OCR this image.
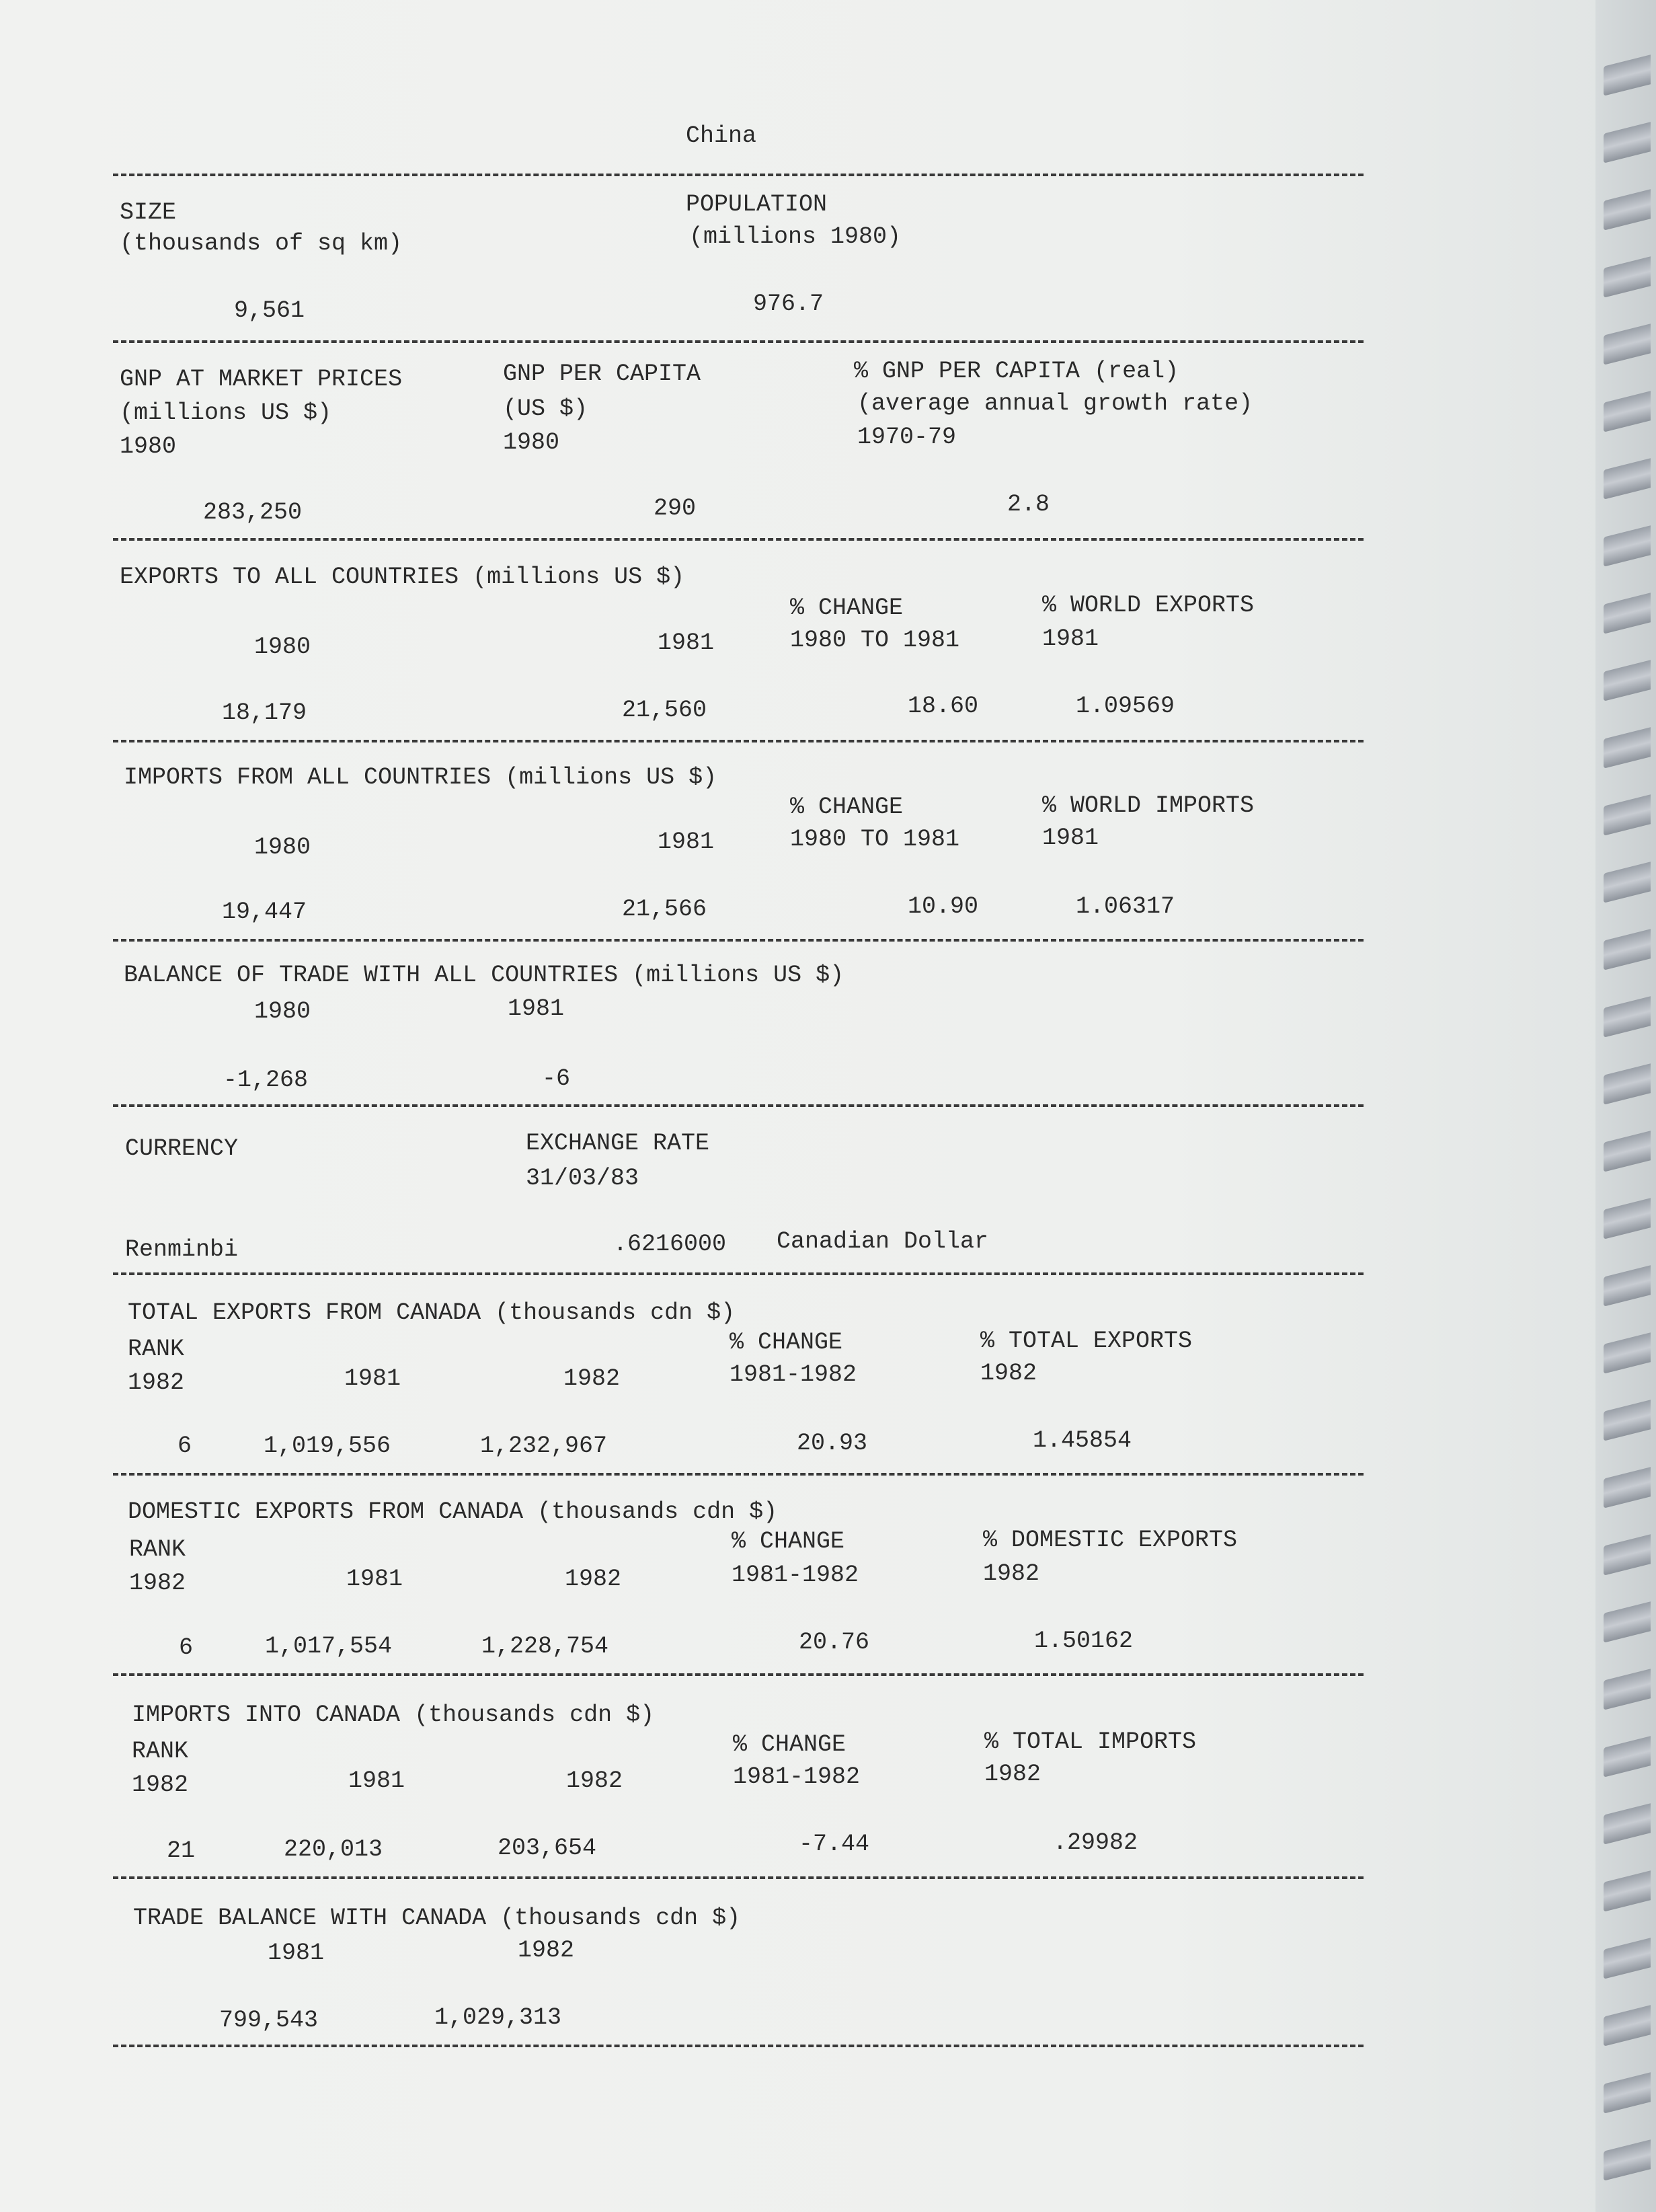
China
SIZE
(thousands of sq km)
POPULATION
(millions 1980)
9,561	976.7
GNP AT MARKET PRICES
(millions US $)
1980
GNP PER CAPITA
(US $)
1980
% GNP PER CAPITA (real)
(average annual growth rate)
1970-79
283,250	290	2.8
EXPORTS TO ALL COUNTRIES (millions US $)
% CHANGE	% WORLD EXPORTS
1980	1981	1980 TO 1981	1981
18,179	21,560	18.60	1.09569
IMPORTS FROM ALL COUNTRIES (millions US $)
% CHANGE	% WORLD IMPORTS
1980	1981	1980 TO 1981	1981
19,447	21,566	10.90	1.06317
BALANCE OF TRADE WITH ALL COUNTRIES (millions US $)
1980	1981
-1,268	-6
CURRENCY	EXCHANGE RATE
31/03/83
Renminbi	.6216000 Canadian Dollar
TOTAL EXPORTS FROM CANADA (thousands cdn $)
% CHANGE	% TOTAL EXPORTS
RANK
1982	1981	1982	1981-1982	1982
6	1,019,556	1,232,967	20.93	1.45854
DOMESTIC EXPORTS FROM CANADA (thousands cdn $)
% CHANGE	% DOMESTIC EXPORTS
RANK
1982	1981	1982	1981-1982	1982
6	1,017,554	1,228,754	20.76	1.50162
IMPORTS INTO CANADA (thousands cdn $)
% CHANGE	% TOTAL IMPORTS
RANK
1982	1981	1982	1981-1982	1982
21	220,013	203,654	-7.44	.29982
TRADE BALANCE WITH CANADA (thousands cdn $)
1981	1982
799,543	1,029,313
